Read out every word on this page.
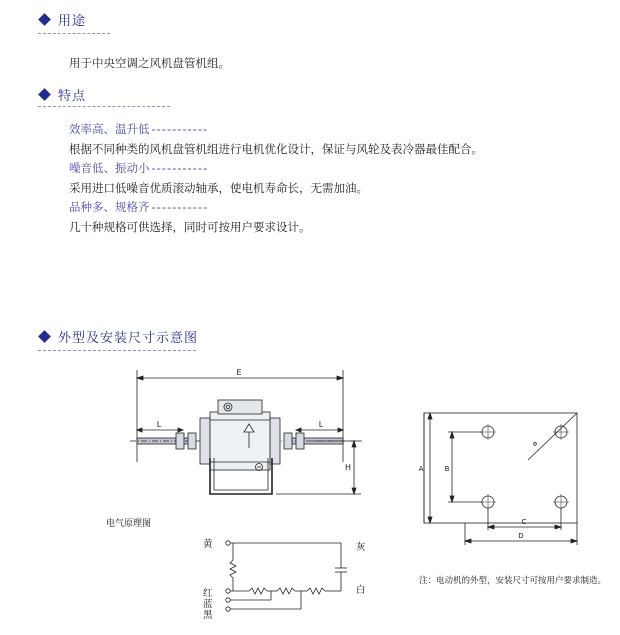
用途
用于中央空调之风机盘管机组。
特点
效率高、温升低 -----------
根据不同种类的风机盘管机组进行电机优化设计，保证与风轮及表冷器最佳配合。
噪音低、振动小 -----------
采用进口低噪音优质滚动轴承，使电机寿命长，无需加油。
品种多、规格齐 -----------
几十种规格可供选择，同时可按用户要求设计。
外型及安装尺寸示意图
E
L	L
H	A	B
C
D
Φ
电气原理图
黄	灰
白
红
蓝
黑
注：电动机的外型，安装尺寸可按用户要求制造。
